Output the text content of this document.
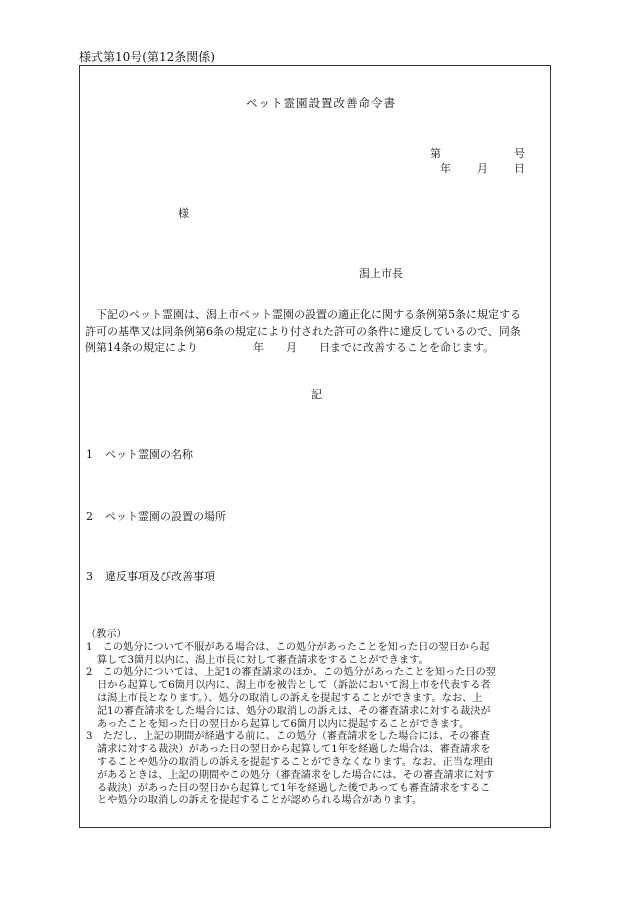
様式第10号(第12条関係)
ペット霊園設置改善命令書
第	号
年 月 日
様
潟上市長
下記のペット霊園は、潟上市ペット霊園の設置の適正化に関する条例第5条に規定する
許可の基準又は同条例第6条の規定により付された許可の条件に違反しているので、同条
例第14条の規定により　　　　　年　　月　　日までに改善することを命じます。
記
1 ペット霊園の名称
2 ペット霊園の設置の場所
3 違反事項及び改善事項
（教示）
1　この処分について不服がある場合は、この処分があったことを知った日の翌日から起
算して3箇月以内に、潟上市長に対して審査請求をすることができます。
2　この処分については、上記1の審査請求のほか、この処分があったことを知った日の翌
日から起算して6箇月以内に、潟上市を被告として（訴訟において潟上市を代表する者
は潟上市長となります。）、処分の取消しの訴えを提起することができます。なお、上
記1の審査請求をした場合には、処分の取消しの訴えは、その審査請求に対する裁決が
あったことを知った日の翌日から起算して6箇月以内に提起することができます。
3　ただし、上記の期間が経過する前に、この処分（審査請求をした場合には、その審査
請求に対する裁決）があった日の翌日から起算して1年を経過した場合は、審査請求を
することや処分の取消しの訴えを提起することができなくなります。なお、正当な理由
があるときは、上記の期間やこの処分（審査請求をした場合には、その審査請求に対す
る裁決）があった日の翌日から起算して1年を経過した後であっても審査請求をするこ
とや処分の取消しの訴えを提起することが認められる場合があります。
